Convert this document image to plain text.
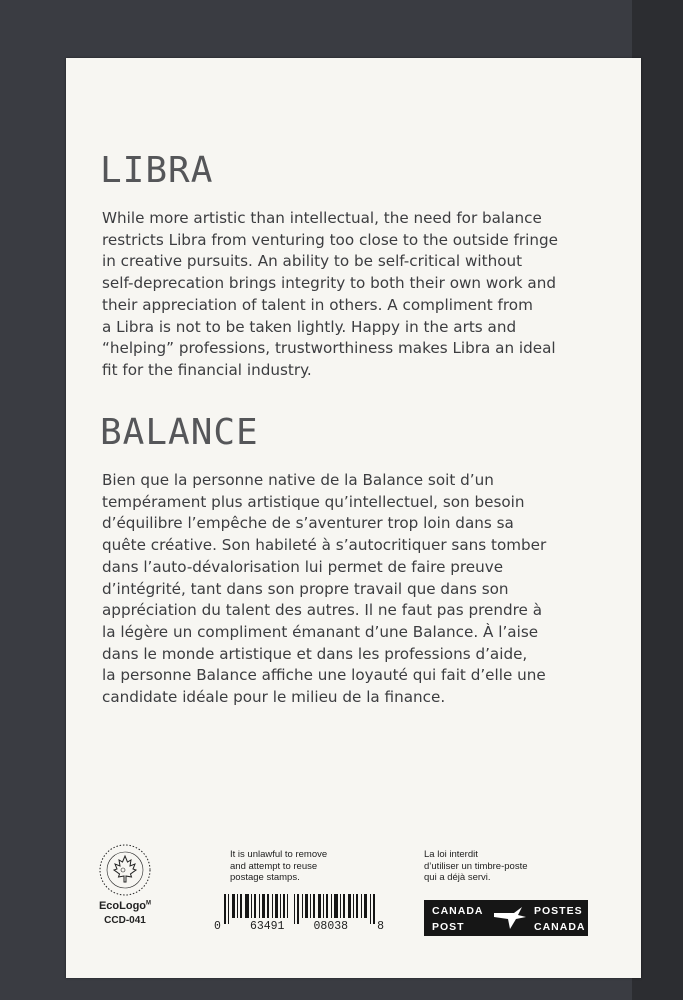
LIBRA
While more artistic than intellectual, the need for balance
restricts Libra from venturing too close to the outside fringe
in creative pursuits. An ability to be self-critical without
self-deprecation brings integrity to both their own work and
their appreciation of talent in others. A compliment from
a Libra is not to be taken lightly. Happy in the arts and
“helping” professions, trustworthiness makes Libra an ideal
fit for the financial industry.
BALANCE
Bien que la personne native de la Balance soit d’un
tempérament plus artistique qu’intellectuel, son besoin
d’équilibre l’empêche de s’aventurer trop loin dans sa
quête créative. Son habileté à s’autocritiquer sans tomber
dans l’auto-dévalorisation lui permet de faire preuve
d’intégrité, tant dans son propre travail que dans son
appréciation du talent des autres. Il ne faut pas prendre à
la légère un compliment émanant d’une Balance. À l’aise
dans le monde artistique et dans les professions d’aide,
la personne Balance affiche une loyauté qui fait d’elle une
candidate idéale pour le milieu de la finance.
EcoLogo$^M$
CCD-041
It is unlawful to remove
and attempt to reuse
postage stamps.
La loi interdit
d’utiliser un timbre-poste
qui a déjà servi.
0	63491	08038	8
CANADA	POSTES
POST	CANADA
